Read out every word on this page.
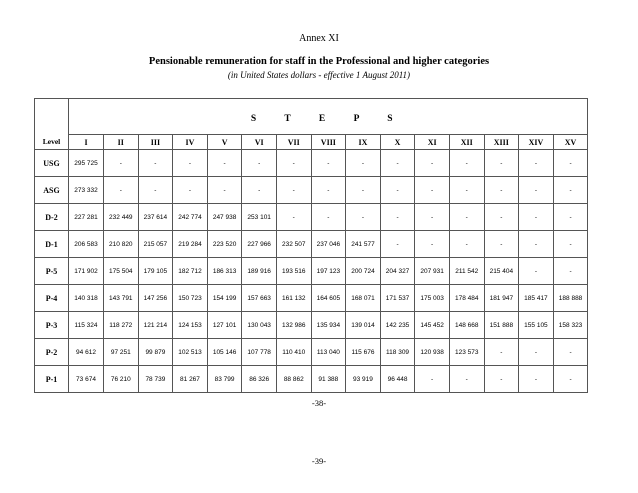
Annex XI
Pensionable remuneration for staff in the Professional and higher categories
(in United States dollars - effective 1 August 2011)
Level	S T E P S														
	I	II	III	IV	V	VI	VII	VIII	IX	X	XI	XII	XIII	XIV	XV
USG	295 725	-	-	-	-	-	-	-	-	-	-	-	-	-	-
ASG	273 332	-	-	-	-	-	-	-	-	-	-	-	-	-	-
D-2	227 281	232 449	237 614	242 774	247 938	253 101	-	-	-	-	-	-	-	-	-
D-1	206 583	210 820	215 057	219 284	223 520	227 966	232 507	237 046	241 577	-	-	-	-	-	-
P-5	171 902	175 504	179 105	182 712	186 313	189 916	193 516	197 123	200 724	204 327	207 931	211 542	215 404	-	-
P-4	140 318	143 791	147 256	150 723	154 199	157 663	161 132	164 605	168 071	171 537	175 003	178 484	181 947	185 417	188 888
P-3	115 324	118 272	121 214	124 153	127 101	130 043	132 986	135 934	139 014	142 235	145 452	148 668	151 888	155 105	158 323
P-2	94 612	97 251	99 879	102 513	105 146	107 778	110 410	113 040	115 676	118 309	120 938	123 573	-	-	-
P-1	73 674	76 210	78 739	81 267	83 799	86 326	88 862	91 388	93 919	96 448	-	-	-	-	-
-38-
-39-
